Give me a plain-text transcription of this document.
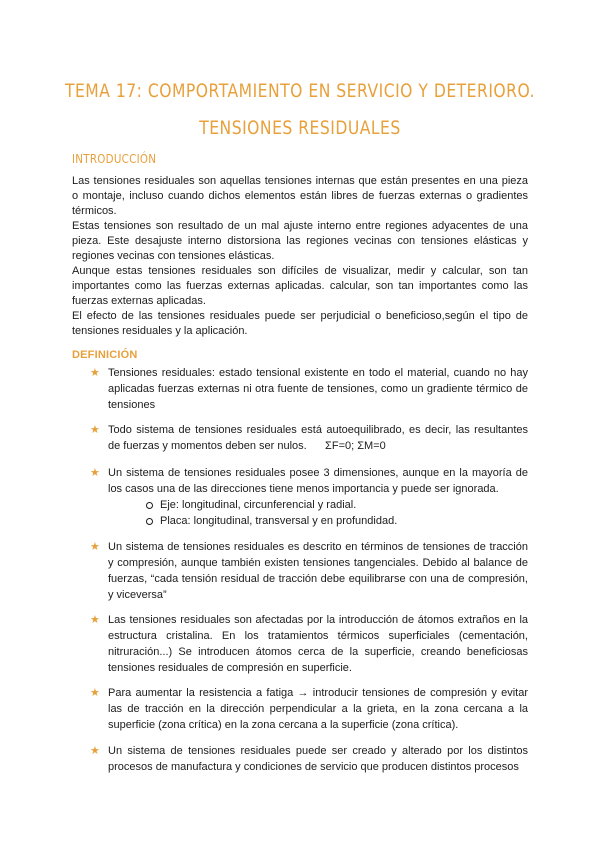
TEMA 17: COMPORTAMIENTO EN SERVICIO Y DETERIORO.
TENSIONES RESIDUALES
INTRODUCCIÓN

Las tensiones residuales son aquellas tensiones internas que están presentes en una pieza o montaje, incluso cuando dichos elementos están libres de fuerzas externas o gradientes térmicos.

Estas tensiones son resultado de un mal ajuste interno entre regiones adyacentes de una pieza. Este desajuste interno distorsiona las regiones vecinas con tensiones elásticas y regiones vecinas con tensiones elásticas.

Aunque estas tensiones residuales son difíciles de visualizar, medir y calcular, son tan importantes como las fuerzas externas aplicadas. calcular, son tan importantes como las fuerzas externas aplicadas.

El efecto de las tensiones residuales puede ser perjudicial o beneficioso,según el tipo de tensiones residuales y la aplicación.

DEFINICIÓN
★ Tensiones residuales: estado tensional existente en todo el material, cuando no hay aplicadas fuerzas externas ni otra fuente de tensiones, como un gradiente térmico de tensiones

★ Todo sistema de tensiones residuales está autoequilibrado, es decir, las resultantes de fuerzas y momentos deben ser nulos.      ΣF=0; ΣM=0

★ Un sistema de tensiones residuales posee 3 dimensiones, aunque en la mayoría de los casos una de las direcciones tiene menos importancia y puede ser ignorada.

Eje: longitudinal, circunferencial y radial.
Placa: longitudinal, transversal y en profundidad.
★ Un sistema de tensiones residuales es descrito en términos de tensiones de tracción y compresión, aunque también existen tensiones tangenciales. Debido al balance de fuerzas, “cada tensión residual de tracción debe equilibrarse con una de compresión, y viceversa”

★ Las tensiones residuales son afectadas por la introducción de átomos extraños en la estructura cristalina. En los tratamientos térmicos superficiales (cementación, nitruración...) Se introducen átomos cerca de la superficie, creando beneficiosas tensiones residuales de compresión en superficie.

★ Para aumentar la resistencia a fatiga → introducir tensiones de compresión y evitar las de tracción en la dirección perpendicular a la grieta, en la zona cercana a la superficie (zona crítica) en la zona cercana a la superficie (zona crítica).

★ Un sistema de tensiones residuales puede ser creado y alterado por los distintos procesos de manufactura y condiciones de servicio que producen distintos procesos
